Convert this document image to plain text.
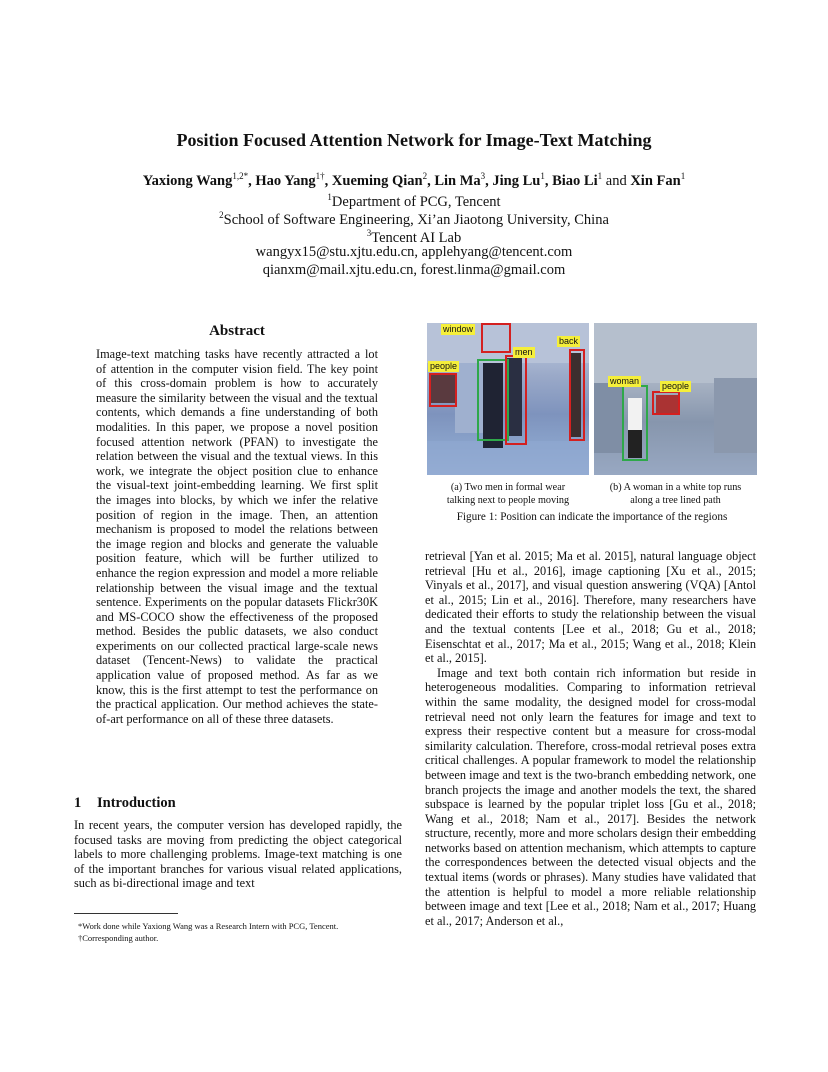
Position Focused Attention Network for Image-Text Matching
Yaxiong Wang$^{1,2*}$, Hao Yang$^{1\dagger}$, Xueming Qian$^2$, Lin Ma$^3$, Jing Lu$^1$, Biao Li$^1$ and Xin Fan$^1$
$^1$Department of PCG, Tencent
$^2$School of Software Engineering, Xi’an Jiaotong University, China
$^3$Tencent AI Lab
wangyx15@stu.xjtu.edu.cn, applehyang@tencent.com
qianxm@mail.xjtu.edu.cn, forest.linma@gmail.com
Abstract
Image-text matching tasks have recently attracted a lot of attention in the computer vision field. The key point of this cross-domain problem is how to accurately measure the similarity between the visual and the textual contents, which demands a fine understanding of both modalities. In this paper, we propose a novel position focused attention network (PFAN) to investigate the relation between the visual and the textual views. In this work, we integrate the object position clue to enhance the visual-text joint-embedding learning. We first split the images into blocks, by which we infer the relative position of region in the image. Then, an attention mechanism is proposed to model the relations between the image region and blocks and generate the valuable position feature, which will be further utilized to enhance the region expression and model a more reliable relationship between the visual image and the textual sentence. Experiments on the popular datasets Flickr30K and MS-COCO show the effectiveness of the proposed method. Besides the public datasets, we also conduct experiments on our collected practical large-scale news dataset (Tencent-News) to validate the practical application value of proposed method. As far as we know, this is the first attempt to test the performance on the practical application. Our method achieves the state-of-art performance on all of these three datasets.
1 Introduction
In recent years, the computer version has developed rapidly, the focused tasks are moving from predicting the object categorical labels to more challenging problems. Image-text matching is one of the important branches for various visual related applications, such as bi-directional image and text
*Work done while Yaxiong Wang was a Research Intern with PCG, Tencent.
†Corresponding author.
window
back
men
people
woman	people
(a) Two men in formal wear
talking next to people moving
(b) A woman in a white top runs
along a tree lined path
Figure 1: Position can indicate the importance of the regions

retrieval [Yan et al. 2015; Ma et al. 2015], natural language object retrieval [Hu et al., 2016], image captioning [Xu et al., 2015; Vinyals et al., 2017], and visual question answering (VQA) [Antol et al., 2015; Lin et al., 2016]. Therefore, many researchers have dedicated their efforts to study the relationship between the visual and the textual contents [Lee et al., 2018; Gu et al., 2018; Eisenschtat et al., 2017; Ma et al., 2015; Wang et al., 2018; Klein et al., 2015].

Image and text both contain rich information but reside in heterogeneous modalities. Comparing to information retrieval within the same modality, the designed model for cross-modal retrieval need not only learn the features for image and text to express their respective content but a measure for cross-modal similarity calculation. Therefore, cross-modal retrieval poses extra critical challenges. A popular framework to model the relationship between image and text is the two-branch embedding network, one branch projects the image and another models the text, the shared subspace is learned by the popular triplet loss [Gu et al., 2018; Wang et al., 2018; Nam et al., 2017]. Besides the network structure, recently, more and more scholars design their embedding networks based on attention mechanism, which attempts to capture the correspondences between the detected visual objects and the textual items (words or phrases). Many studies have validated that the attention is helpful to model a more reliable relationship between image and text [Lee et al., 2018; Nam et al., 2017; Huang et al., 2017; Anderson et al.,
